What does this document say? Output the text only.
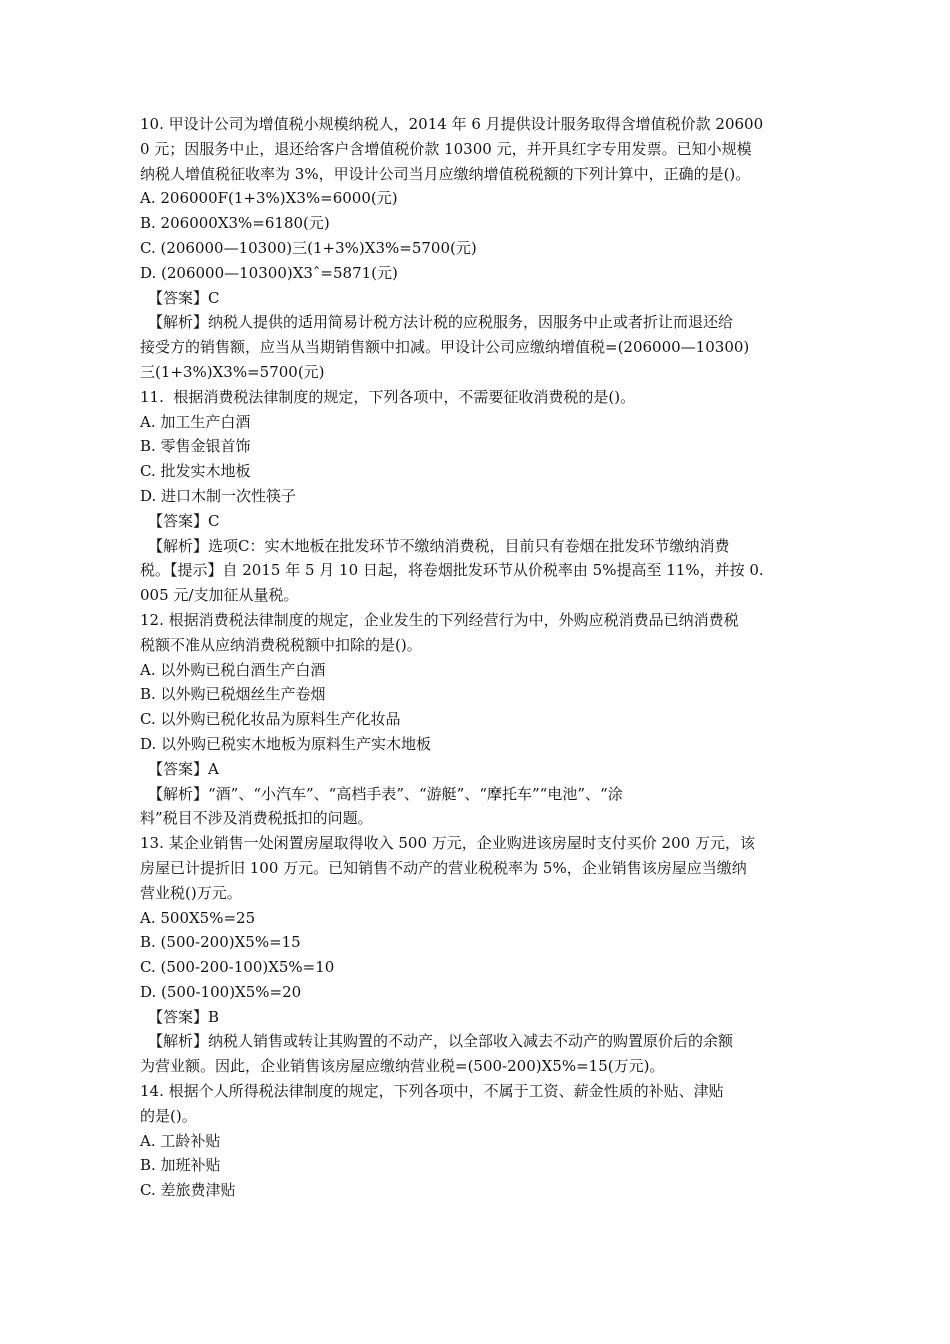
10. 甲设计公司为增值税小规模纳税人，2014 年 6 月提供设计服务取得含增值税价款 20600
0 元；因服务中止，退还给客户含增值税价款 10300 元，并开具红字专用发票。已知小规模
纳税人增值税征收率为 3%，甲设计公司当月应缴纳增值税税额的下列计算中，正确的是()。
A. 206000F(1+3%)X3%=6000(元)
B. 206000X3%=6180(元)
C. (206000—10300)三(1+3%)X3%=5700(元)
D. (206000—10300)X3ˆ=5871(元)
【答案】C
【解析】纳税人提供的适用简易计税方法计税的应税服务，因服务中止或者折让而退还给
接受方的销售额，应当从当期销售额中扣减。甲设计公司应缴纳增值税=(206000—10300)
三(1+3%)X3%=5700(元)
11.  根据消费税法律制度的规定，下列各项中，不需要征收消费税的是()。
A. 加工生产白酒
B. 零售金银首饰
C. 批发实木地板
D. 进口木制一次性筷子
【答案】C
【解析】选项C：实木地板在批发环节不缴纳消费税，目前只有卷烟在批发环节缴纳消费
税。【提示】自 2015 年 5 月 10 日起，将卷烟批发环节从价税率由 5%提高至 11%，并按 0.
005 元/支加征从量税。
12. 根据消费税法律制度的规定，企业发生的下列经营行为中，外购应税消费品已纳消费税
税额不准从应纳消费税税额中扣除的是()。
A. 以外购已税白酒生产白酒
B. 以外购已税烟丝生产卷烟
C. 以外购已税化妆品为原料生产化妆品
D. 以外购已税实木地板为原料生产实木地板
【答案】A
【解析】“酒”、“小汽车”、“高档手表”、“游艇”、“摩托车”“电池”、“涂
料”税目不涉及消费税抵扣的问题。
13. 某企业销售一处闲置房屋取得收入 500 万元，企业购进该房屋时支付买价 200 万元，该
房屋已计提折旧 100 万元。已知销售不动产的营业税税率为 5%，企业销售该房屋应当缴纳
营业税()万元。
A. 500X5%=25
B. (500-200)X5%=15
C. (500-200-100)X5%=10
D. (500-100)X5%=20
【答案】B
【解析】纳税人销售或转让其购置的不动产，以全部收入减去不动产的购置原价后的余额
为营业额。因此，企业销售该房屋应缴纳营业税=(500-200)X5%=15(万元)。
14. 根据个人所得税法律制度的规定，下列各项中，不属于工资、薪金性质的补贴、津贴
的是()。
A. 工龄补贴
B. 加班补贴
C. 差旅费津贴
